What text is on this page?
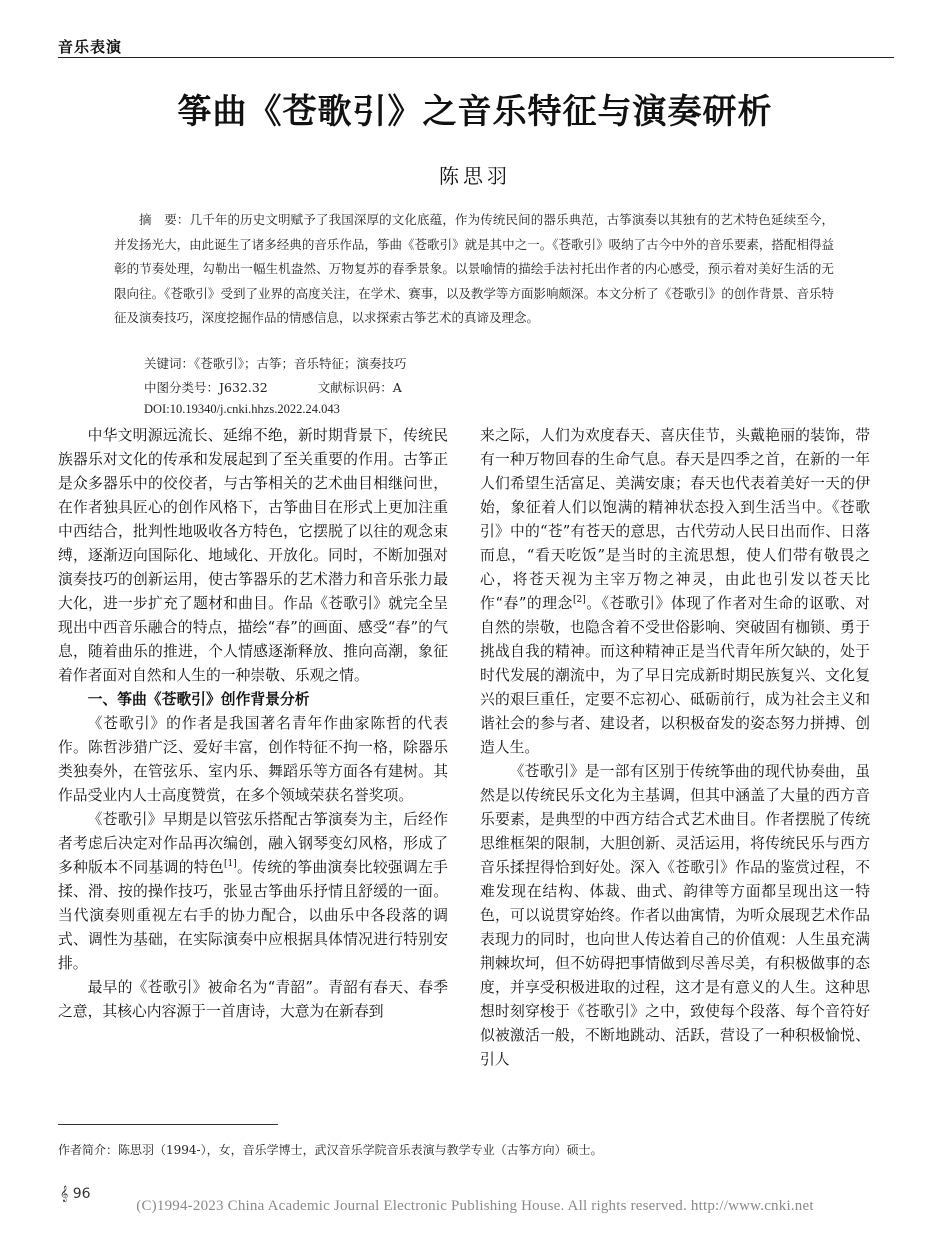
音乐表演
筝曲《苍歌引》之音乐特征与演奏研析
陈思羽

摘　要：几千年的历史文明赋予了我国深厚的文化底蕴，作为传统民间的器乐典范，古筝演奏以其独有的艺术特色延续至今，并发扬光大，由此诞生了诸多经典的音乐作品，筝曲《苍歌引》就是其中之一。《苍歌引》吸纳了古今中外的音乐要素，搭配相得益彰的节奏处理，勾勒出一幅生机盎然、万物复苏的春季景象。以景喻情的描绘手法衬托出作者的内心感受，预示着对美好生活的无限向往。《苍歌引》受到了业界的高度关注，在学术、赛事，以及教学等方面影响颇深。本文分析了《苍歌引》的创作背景、音乐特征及演奏技巧，深度挖掘作品的情感信息，以求探索古筝艺术的真谛及理念。

关键词：《苍歌引》；古筝；音乐特征；演奏技巧
中图分类号：J632.32	文献标识码：A
DOI:10.19340/j.cnki.hhzs.2022.24.043

中华文明源远流长、延绵不绝，新时期背景下，传统民族器乐对文化的传承和发展起到了至关重要的作用。古筝正是众多器乐中的佼佼者，与古筝相关的艺术曲目相继问世，在作者独具匠心的创作风格下，古筝曲目在形式上更加注重中西结合，批判性地吸收各方特色，它摆脱了以往的观念束缚，逐渐迈向国际化、地域化、开放化。同时，不断加强对演奏技巧的创新运用，使古筝器乐的艺术潜力和音乐张力最大化，进一步扩充了题材和曲目。作品《苍歌引》就完全呈现出中西音乐融合的特点，描绘“春”的画面、感受“春”的气息，随着曲乐的推进，个人情感逐渐释放、推向高潮，象征着作者面对自然和人生的一种崇敬、乐观之情。

一、筝曲《苍歌引》创作背景分析

《苍歌引》的作者是我国著名青年作曲家陈哲的代表作。陈哲涉猎广泛、爱好丰富，创作特征不拘一格，除器乐类独奏外，在管弦乐、室内乐、舞蹈乐等方面各有建树。其作品受业内人士高度赞赏，在多个领域荣获名誉奖项。

《苍歌引》早期是以管弦乐搭配古筝演奏为主，后经作者考虑后决定对作品再次编创，融入钢琴变幻风格，形成了多种版本不同基调的特色[1]。传统的筝曲演奏比较强调左手揉、滑、按的操作技巧，张显古筝曲乐抒情且舒缓的一面。当代演奏则重视左右手的协力配合，以曲乐中各段落的调式、调性为基础，在实际演奏中应根据具体情况进行特别安排。

最早的《苍歌引》被命名为“青韶”。青韶有春天、春季之意，其核心内容源于一首唐诗，大意为在新春到

来之际，人们为欢度春天、喜庆佳节，头戴艳丽的装饰，带有一种万物回春的生命气息。春天是四季之首，在新的一年人们希望生活富足、美满安康；春天也代表着美好一天的伊始，象征着人们以饱满的精神状态投入到生活当中。《苍歌引》中的“苍”有苍天的意思，古代劳动人民日出而作、日落而息，“看天吃饭”是当时的主流思想，使人们带有敬畏之心，将苍天视为主宰万物之神灵，由此也引发以苍天比作“春”的理念[2]。《苍歌引》体现了作者对生命的讴歌、对自然的崇敬，也隐含着不受世俗影响、突破固有枷锁、勇于挑战自我的精神。而这种精神正是当代青年所欠缺的，处于时代发展的潮流中，为了早日完成新时期民族复兴、文化复兴的艰巨重任，定要不忘初心、砥砺前行，成为社会主义和谐社会的参与者、建设者，以积极奋发的姿态努力拼搏、创造人生。

《苍歌引》是一部有区别于传统筝曲的现代协奏曲，虽然是以传统民乐文化为主基调，但其中涵盖了大量的西方音乐要素，是典型的中西方结合式艺术曲目。作者摆脱了传统思维框架的限制，大胆创新、灵活运用，将传统民乐与西方音乐揉捏得恰到好处。深入《苍歌引》作品的鉴赏过程，不难发现在结构、体裁、曲式、韵律等方面都呈现出这一特色，可以说贯穿始终。作者以曲寓情，为听众展现艺术作品表现力的同时，也向世人传达着自己的价值观：人生虽充满荆棘坎坷，但不妨碍把事情做到尽善尽美，有积极做事的态度，并享受积极进取的过程，这才是有意义的人生。这种思想时刻穿梭于《苍歌引》之中，致使每个段落、每个音符好似被激活一般，不断地跳动、活跃，营设了一种积极愉悦、引人

作者简介：陈思羽（1994-），女，音乐学博士，武汉音乐学院音乐表演与教学专业（古筝方向）硕士。
𝄞 96
(C)1994-2023 China Academic Journal Electronic Publishing House. All rights reserved. http://www.cnki.net
